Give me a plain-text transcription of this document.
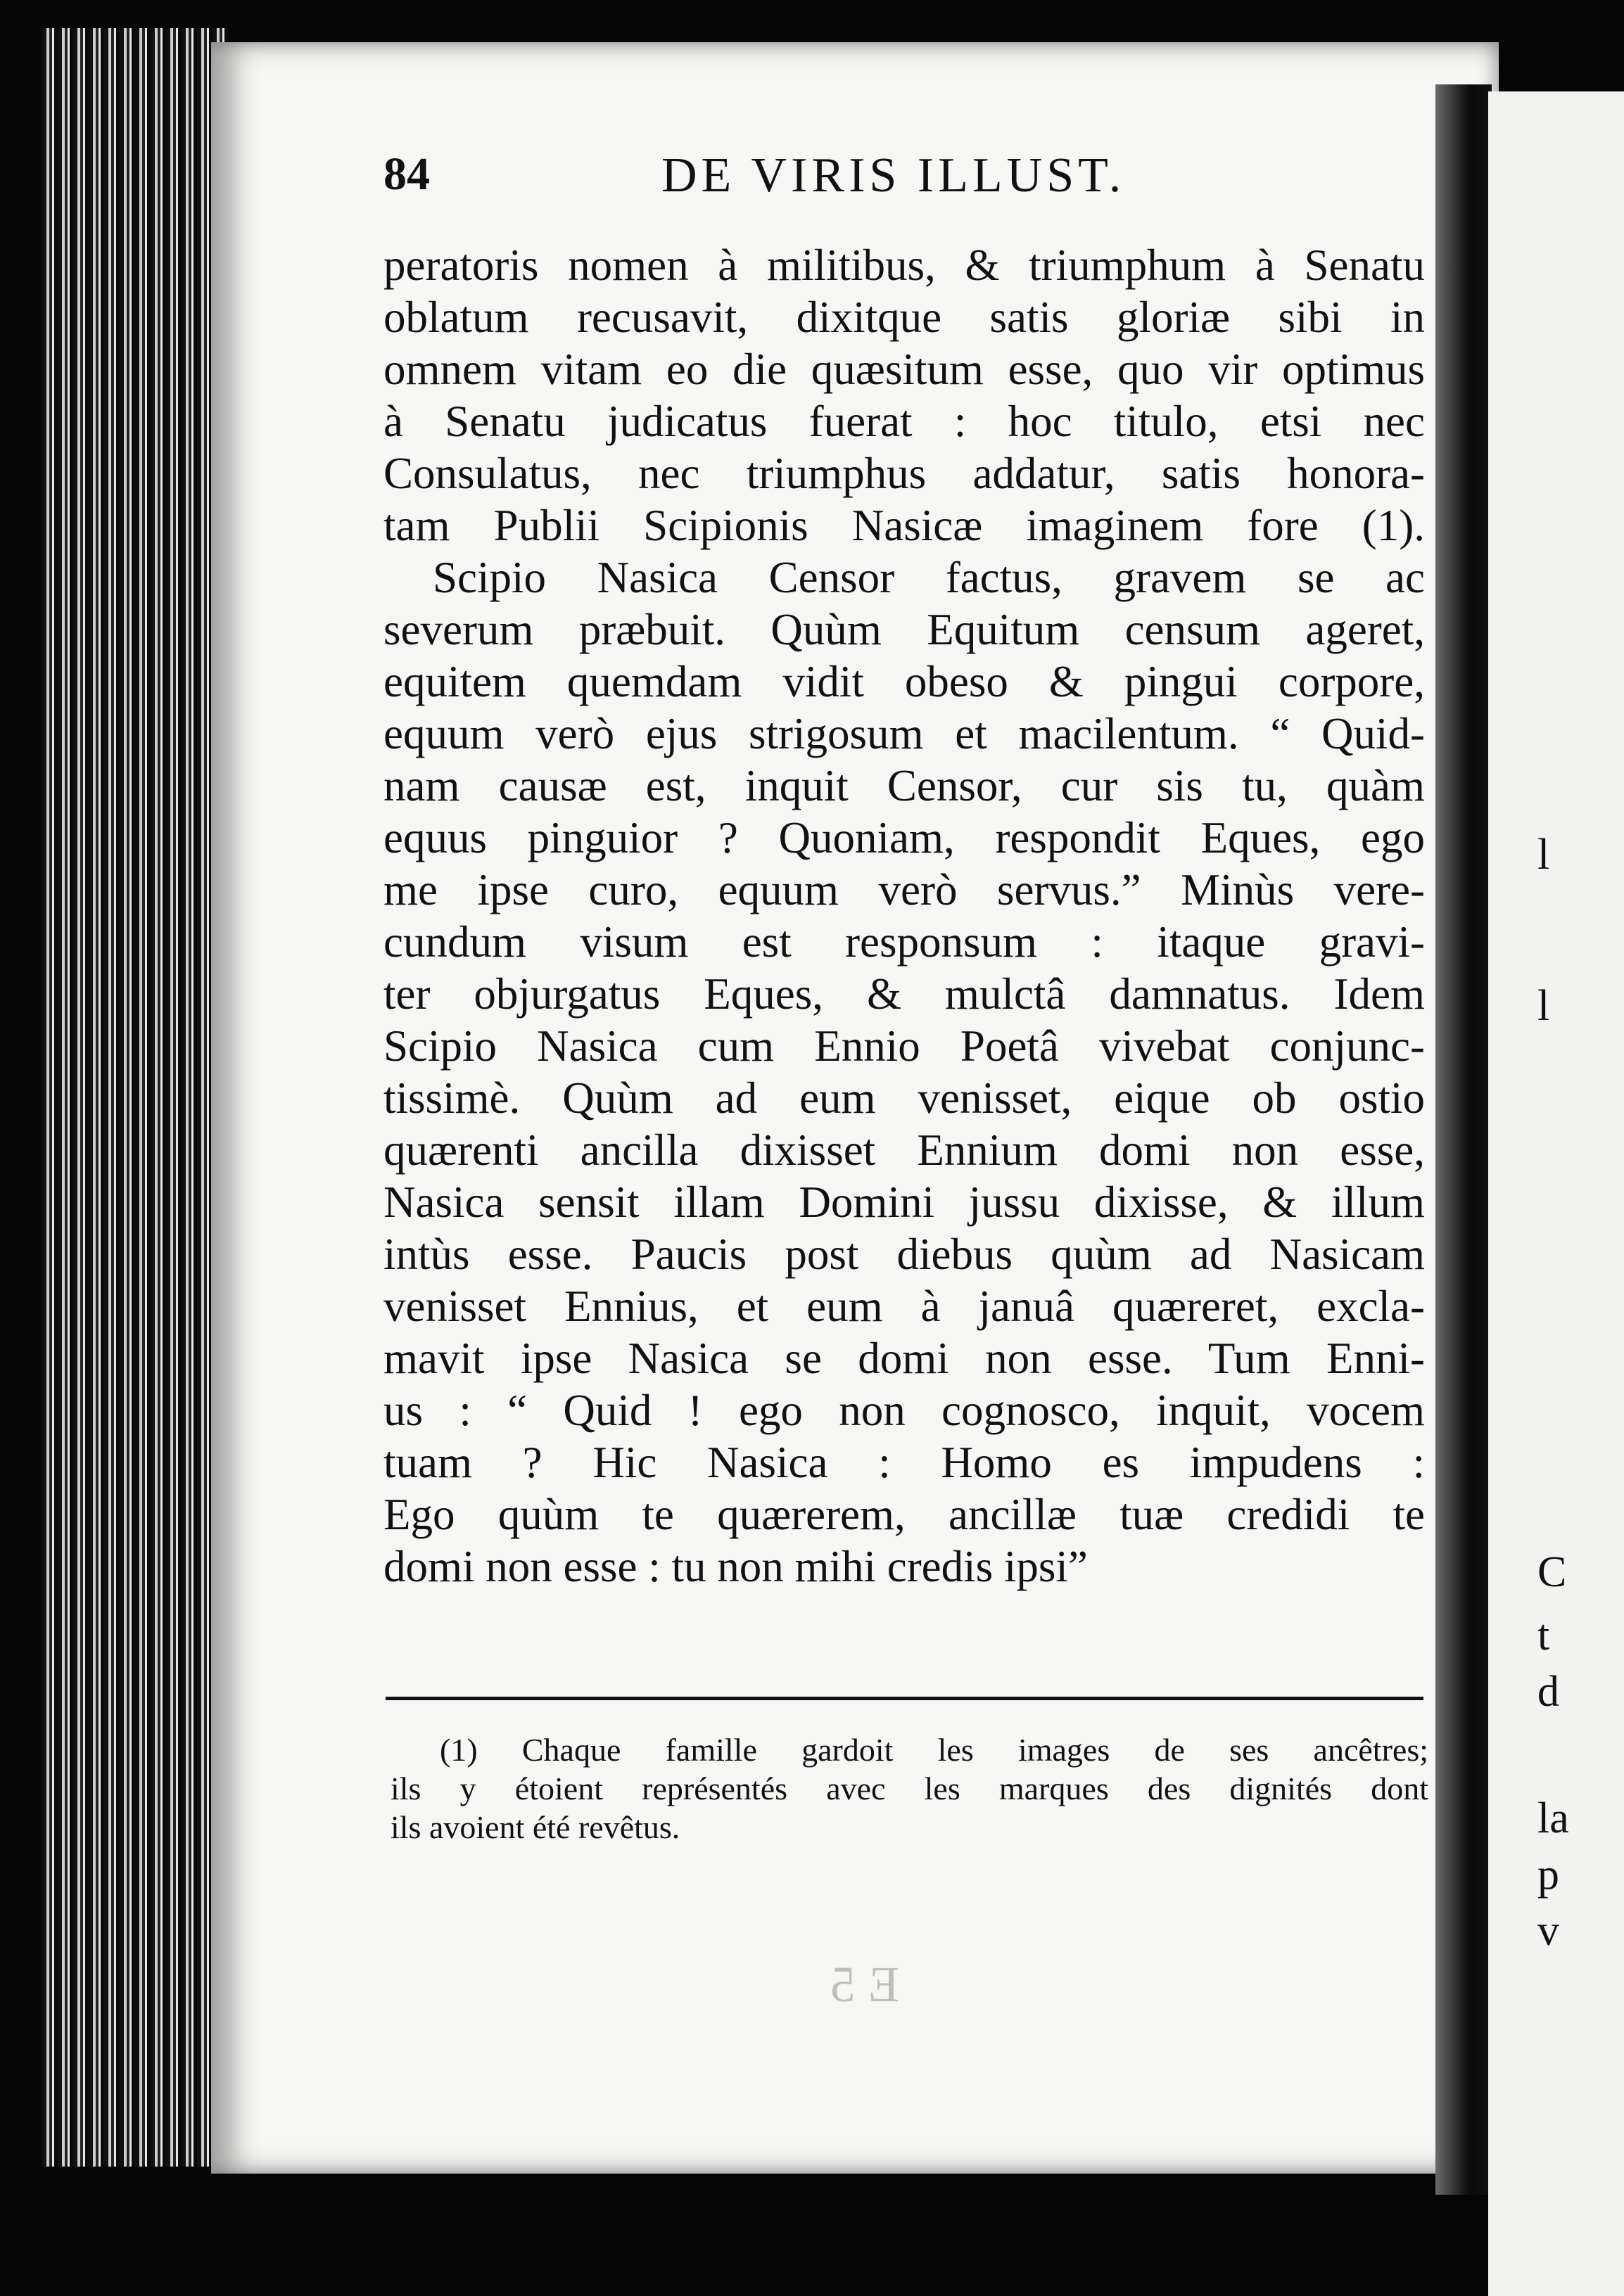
l
l
C
t
d
la
p
v
84	DE VIRIS ILLUST.
peratoris nomen à militibus, & triumphum à Senatu
oblatum recusavit, dixitque satis gloriæ sibi in
omnem vitam eo die quæsitum esse, quo vir optimus
à Senatu judicatus fuerat : hoc titulo, etsi nec
Consulatus, nec triumphus addatur, satis honora-
tam Publii Scipionis Nasicæ imaginem fore (1).
Scipio Nasica Censor factus, gravem se ac
severum præbuit. Quùm Equitum censum ageret,
equitem quemdam vidit obeso & pingui corpore,
equum verò ejus strigosum et macilentum. “ Quid-
nam causæ est, inquit Censor, cur sis tu, quàm
equus pinguior ? Quoniam, respondit Eques, ego
me ipse curo, equum verò servus.” Minùs vere-
cundum visum est responsum : itaque gravi-
ter objurgatus Eques, & mulctâ damnatus. Idem
Scipio Nasica cum Ennio Poetâ vivebat conjunc-
tissimè. Quùm ad eum venisset, eique ob ostio
quærenti ancilla dixisset Ennium domi non esse,
Nasica sensit illam Domini jussu dixisse, & illum
intùs esse. Paucis post diebus quùm ad Nasicam
venisset Ennius, et eum à januâ quæreret, excla-
mavit ipse Nasica se domi non esse. Tum Enni-
us : “ Quid ! ego non cognosco, inquit, vocem
tuam ? Hic Nasica : Homo es impudens :
Ego quùm te quærerem, ancillæ tuæ credidi te
domi non esse : tu non mihi credis ipsi”
(1) Chaque famille gardoit les images de ses ancêtres;
ils y étoient représentés avec les marques des dignités dont
ils avoient été revêtus.
E 5
